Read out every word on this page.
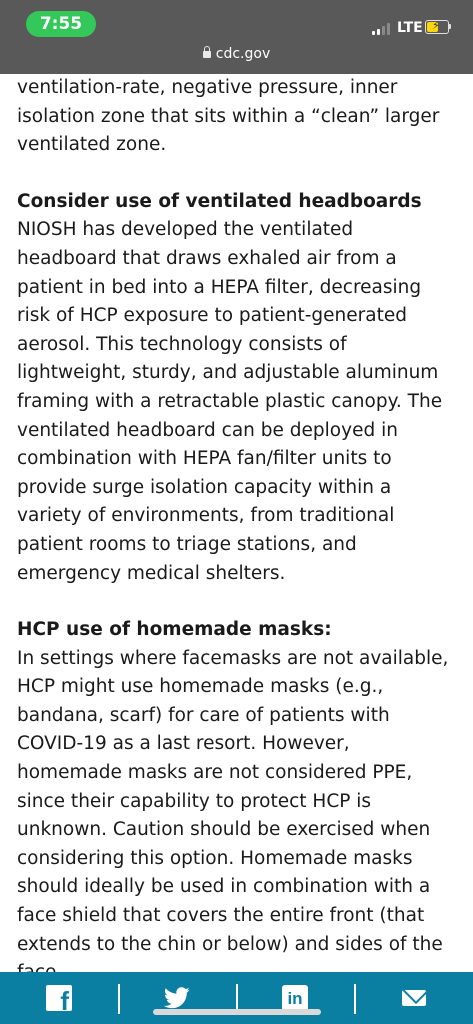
7:55	LTE ⚡
cdc.gov

ventilation-rate, negative pressure, inner isolation zone that sits within a “clean” larger ventilated zone.

Consider use of ventilated headboards

NIOSH has developed the ventilated headboard that draws exhaled air from a patient in bed into a HEPA filter, decreasing risk of HCP exposure to patient-generated aerosol. This technology consists of lightweight, sturdy, and adjustable aluminum framing with a retractable plastic canopy. The ventilated headboard can be deployed in combination with HEPA fan/filter units to provide surge isolation capacity within a variety of environments, from traditional patient rooms to triage stations, and emergency medical shelters.

HCP use of homemade masks:

In settings where facemasks are not available, HCP might use homemade masks (e.g., bandana, scarf) for care of patients with COVID-19 as a last resort. However, homemade masks are not considered PPE, since their capability to protect HCP is unknown. Caution should be exercised when considering this option. Homemade masks should ideally be used in combination with a face shield that covers the entire front (that extends to the chin or below) and sides of the

f	in
